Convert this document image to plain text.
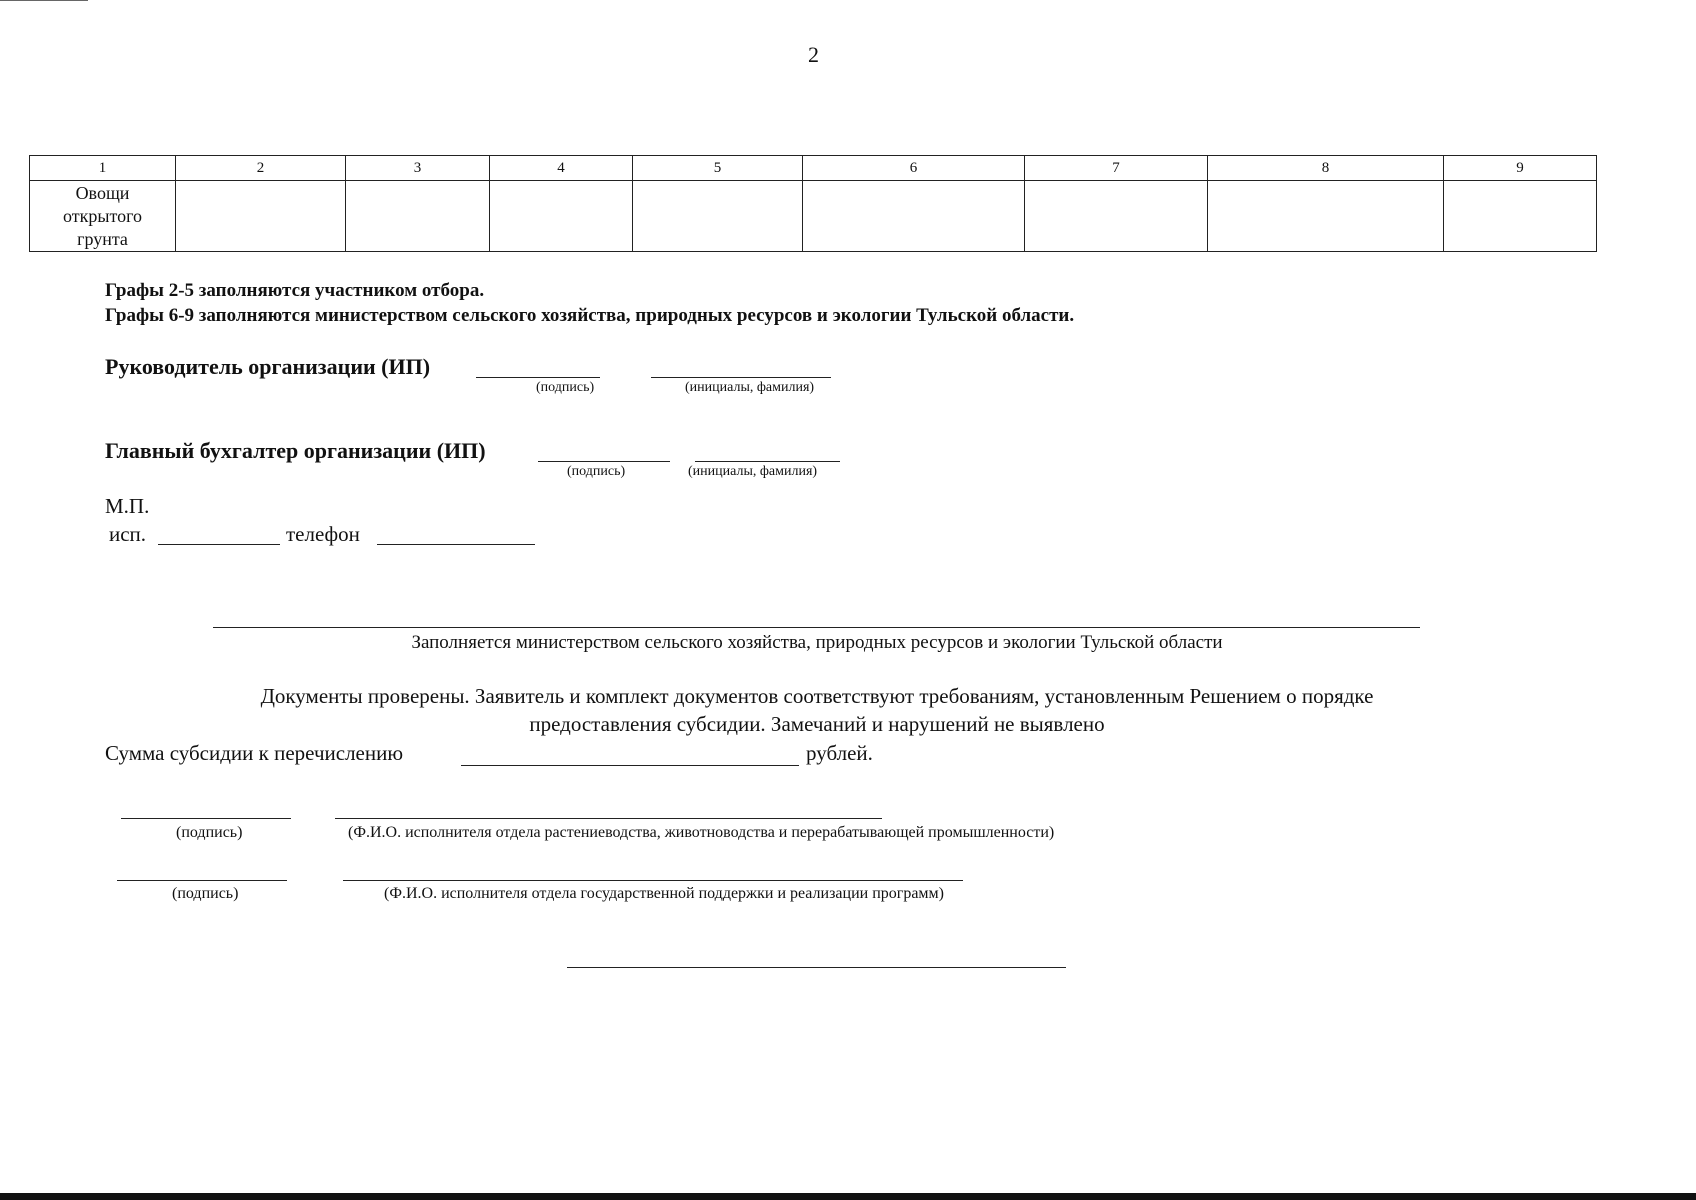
2
1	2	3	4	5	6	7	8	9
Овощи
открытого
грунта								
Графы 2-5 заполняются участником отбора.
Графы 6-9 заполняются министерством сельского хозяйства, природных ресурсов и экологии Тульской области.
Руководитель организации (ИП)
(подпись)	(инициалы, фамилия)
Главный бухгалтер организации (ИП)
(подпись)	(инициалы, фамилия)
М.П.
исп.	телефон
Заполняется министерством сельского хозяйства, природных ресурсов и экологии Тульской области
Документы проверены. Заявитель и комплект документов соответствуют требованиям, установленным Решением о порядке
предоставления субсидии. Замечаний и нарушений не выявлено
Сумма субсидии к перечислению	рублей.
(подпись)	(Ф.И.О. исполнителя отдела растениеводства, животноводства и перерабатывающей промышленности)
(подпись)	(Ф.И.О. исполнителя отдела государственной поддержки и реализации программ)
